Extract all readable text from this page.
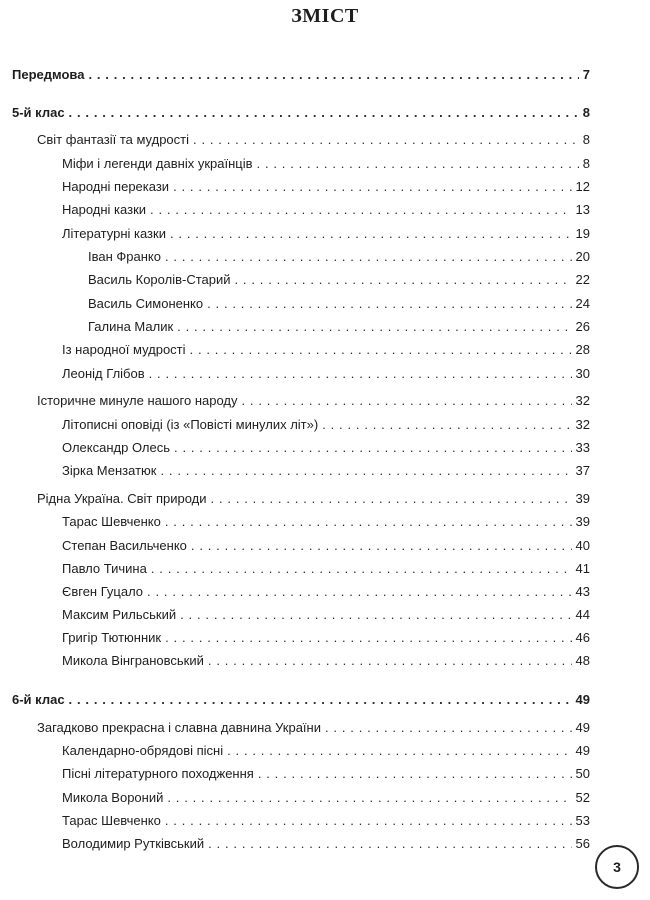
ЗМІСТ
Передмова . . .	7
5-й клас . . .	8
Світ фантазії та мудрості . . .	8
Міфи і легенди давніх українців . . .	8
Народні перекази . . .	12
Народні казки . . .	13
Літературні казки . . .	19
Іван Франко . . .	20
Василь Королів-Старий . . .	22
Василь Симоненко . . .	24
Галина Малик . . .	26
Із народної мудрості . . .	28
Леонід Глібов . . .	30
Історичне минуле нашого народу . . .	32
Літописні оповіді (із «Повісті минулих літ») . . .	32
Олександр Олесь . . .	33
Зірка Мензатюк . . .	37
Рідна Україна. Світ природи . . .	39
Тарас Шевченко . . .	39
Степан Васильченко . . .	40
Павло Тичина . . .	41
Євген Гуцало . . .	43
Максим Рильський . . .	44
Григір Тютюнник . . .	46
Микола Вінграновський . . .	48
6-й клас . . .	49
Загадково прекрасна і славна давнина України . . .	49
Календарно-обрядові пісні . . .	49
Пісні літературного походження . . .	50
Микола Вороний . . .	52
Тарас Шевченко . . .	53
Володимир Рутківський . . .	56
3
